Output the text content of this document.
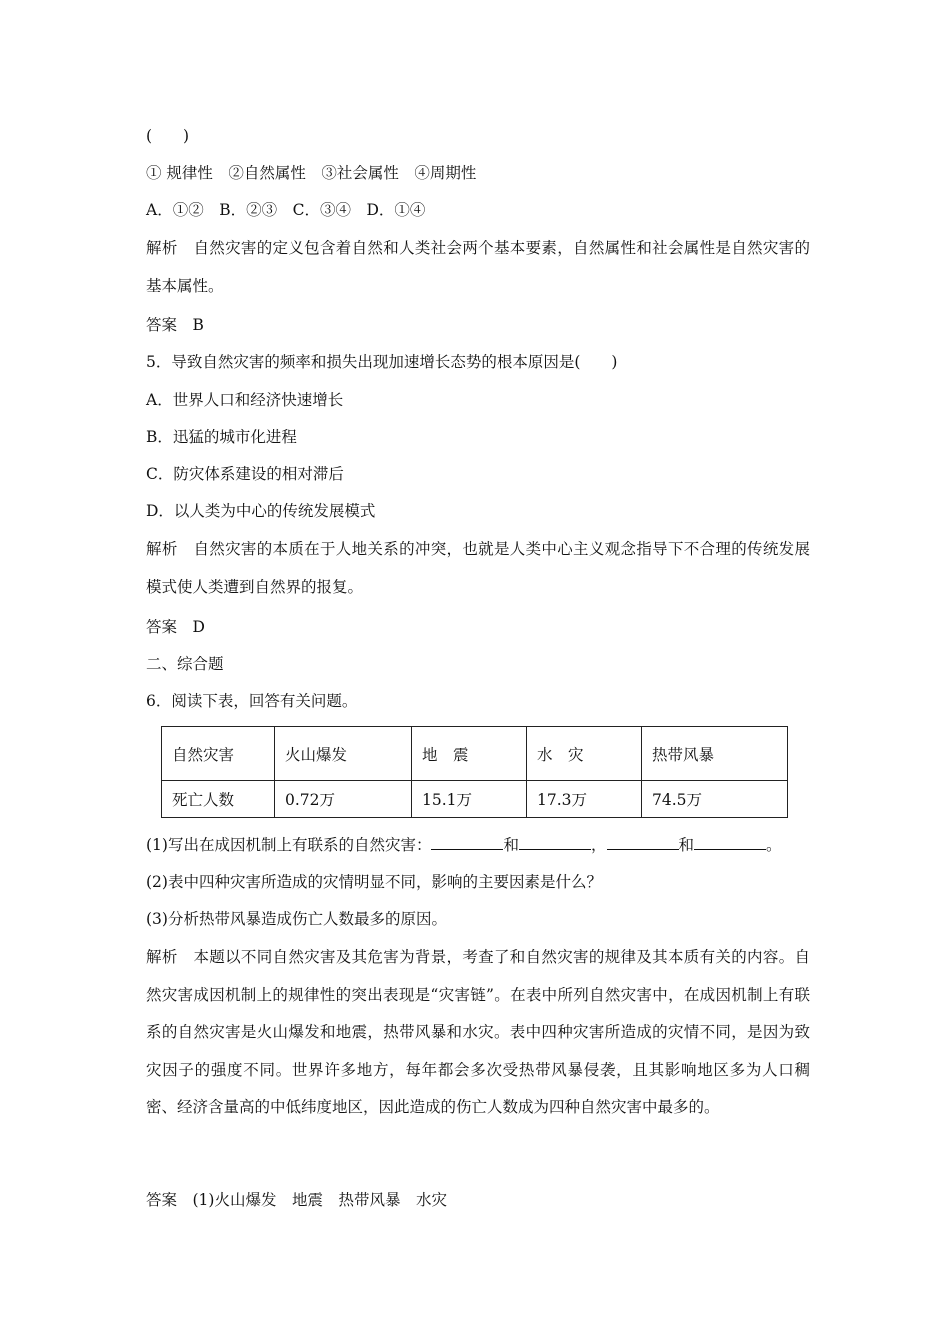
(　　)
① 规律性　②自然属性　③社会属性　④周期性
A．①②　B．②③　C．③④　D．①④
解析　自然灾害的定义包含着自然和人类社会两个基本要素，自然属性和社会属性是自然灾害的基本属性。
答案　B
5．导致自然灾害的频率和损失出现加速增长态势的根本原因是(　　)
A．世界人口和经济快速增长
B．迅猛的城市化进程
C．防灾体系建设的相对滞后
D．以人类为中心的传统发展模式
解析　自然灾害的本质在于人地关系的冲突，也就是人类中心主义观念指导下不合理的传统发展模式使人类遭到自然界的报复。
答案　D
二、综合题
6．阅读下表，回答有关问题。
自然灾害	火山爆发	地　震	水　灾	热带风暴
死亡人数	0.72万	15.1万	17.3万	74.5万
(1)写出在成因机制上有联系的自然灾害：	和	，	和	。
(2)表中四种灾害所造成的灾情明显不同，影响的主要因素是什么？
(3)分析热带风暴造成伤亡人数最多的原因。
解析　本题以不同自然灾害及其危害为背景，考查了和自然灾害的规律及其本质有关的内容。自然灾害成因机制上的规律性的突出表现是“灾害链”。在表中所列自然灾害中，在成因机制上有联系的自然灾害是火山爆发和地震，热带风暴和水灾。表中四种灾害所造成的灾情不同，是因为致灾因子的强度不同。世界许多地方，每年都会多次受热带风暴侵袭，且其影响地区多为人口稠密、经济含量高的中低纬度地区，因此造成的伤亡人数成为四种自然灾害中最多的。
答案　(1)火山爆发　地震　热带风暴　水灾
